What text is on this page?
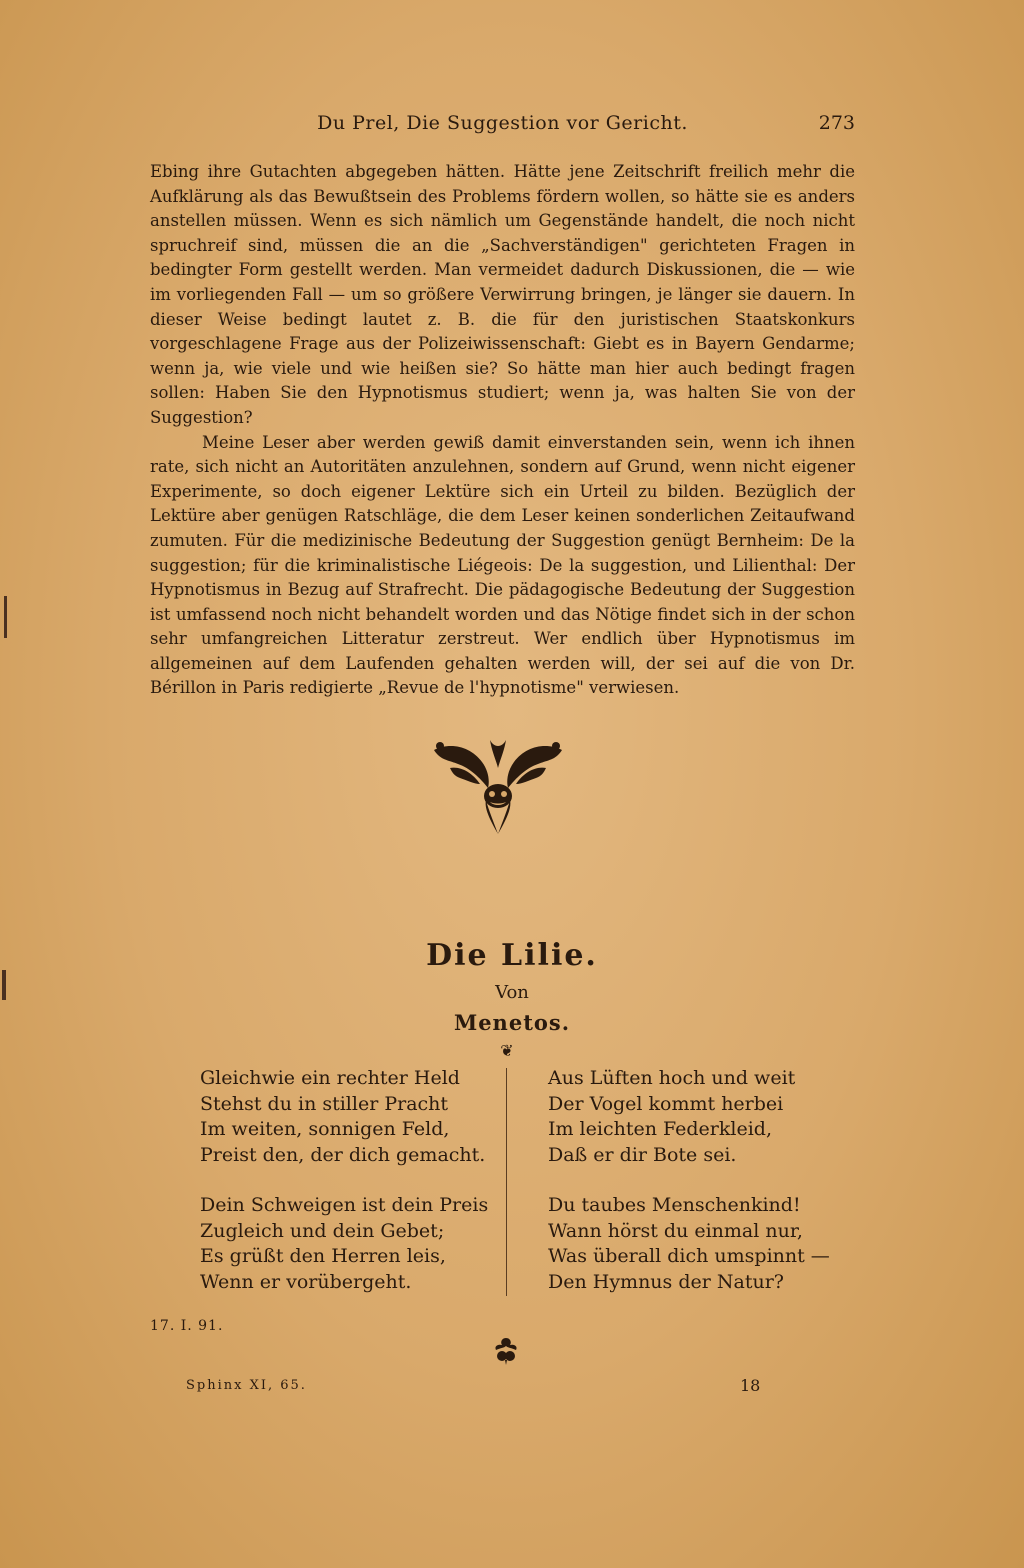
Du Prel, Die Suggestion vor Gericht.	273

Ebing ihre Gutachten abgegeben hätten. Hätte jene Zeitschrift freilich mehr die Aufklärung als das Bewußtsein des Problems fördern wollen, so hätte sie es anders anstellen müssen. Wenn es sich nämlich um Gegenstände handelt, die noch nicht spruchreif sind, müssen die an die „Sachverständigen" gerichteten Fragen in bedingter Form gestellt werden. Man vermeidet dadurch Diskussionen, die — wie im vorliegenden Fall — um so größere Verwirrung bringen, je länger sie dauern. In dieser Weise bedingt lautet z. B. die für den juristischen Staatskonkurs vorgeschlagene Frage aus der Polizeiwissenschaft: Giebt es in Bayern Gendarme; wenn ja, wie viele und wie heißen sie? So hätte man hier auch bedingt fragen sollen: Haben Sie den Hypnotismus studiert; wenn ja, was halten Sie von der Suggestion?

Meine Leser aber werden gewiß damit einverstanden sein, wenn ich ihnen rate, sich nicht an Autoritäten anzulehnen, sondern auf Grund, wenn nicht eigener Experimente, so doch eigener Lektüre sich ein Urteil zu bilden. Bezüglich der Lektüre aber genügen Ratschläge, die dem Leser keinen sonderlichen Zeitaufwand zumuten. Für die medizinische Bedeutung der Suggestion genügt Bernheim: De la suggestion; für die kriminalistische Liégeois: De la suggestion, und Lilienthal: Der Hypnotismus in Bezug auf Strafrecht. Die pädagogische Bedeutung der Suggestion ist umfassend noch nicht behandelt worden und das Nötige findet sich in der schon sehr umfangreichen Litteratur zerstreut. Wer endlich über Hypnotismus im allgemeinen auf dem Laufenden gehalten werden will, der sei auf die von Dr. Bérillon in Paris redigierte „Revue de l'hypnotisme" verwiesen.

Die Lilie.
Von
Menetos.
❦
Gleichwie ein rechter Held
Stehst du in stiller Pracht
Im weiten, sonnigen Feld,
Preist den, der dich gemacht.
Dein Schweigen ist dein Preis
Zugleich und dein Gebet;
Es grüßt den Herren leis,
Wenn er vorübergeht.
Aus Lüften hoch und weit
Der Vogel kommt herbei
Im leichten Federkleid,
Daß er dir Bote sei.
Du taubes Menschenkind!
Wann hörst du einmal nur,
Was überall dich umspinnt —
Den Hymnus der Natur?
17. I. 91.
Sphinx XI, 65.	18
